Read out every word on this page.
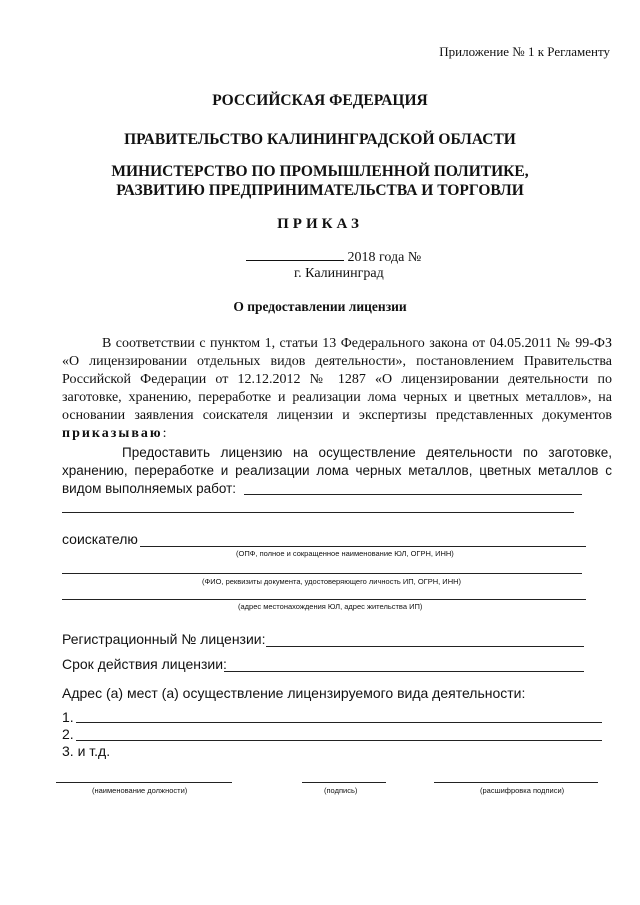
Приложение № 1 к Регламенту
РОССИЙСКАЯ ФЕДЕРАЦИЯ
ПРАВИТЕЛЬСТВО КАЛИНИНГРАДСКОЙ ОБЛАСТИ
МИНИСТЕРСТВО ПО ПРОМЫШЛЕННОЙ ПОЛИТИКЕ,
РАЗВИТИЮ ПРЕДПРИНИМАТЕЛЬСТВА И ТОРГОВЛИ
ПРИКАЗ
2018 года №
г. Калининград
О предоставлении лицензии
В соответствии с пунктом 1, статьи 13 Федерального закона от 04.05.2011 № 99-ФЗ «О лицензировании отдельных видов деятельности», постановлением Правительства Российской Федерации от 12.12.2012 № 1287 «О лицензировании деятельности по заготовке, хранению, переработке и реализации лома черных и цветных металлов», на основании заявления соискателя лицензии и экспертизы представленных документов приказываю:
Предоставить лицензию на осуществление деятельности по заготовке, хранению, переработке и реализации лома черных металлов, цветных металлов с видом выполняемых работ:
соискателю
(ОПФ, полное и сокращенное наименование ЮЛ, ОГРН, ИНН)
(ФИО, реквизиты документа, удостоверяющего личность ИП, ОГРН, ИНН)
(адрес местонахождения ЮЛ, адрес жительства ИП)
Регистрационный № лицензии:
Срок действия лицензии:
Адрес (а) мест (а) осуществление лицензируемого вида деятельности:
1.
2.
3. и т.д.
(наименование должности)	(подпись)	(расшифровка подписи)
